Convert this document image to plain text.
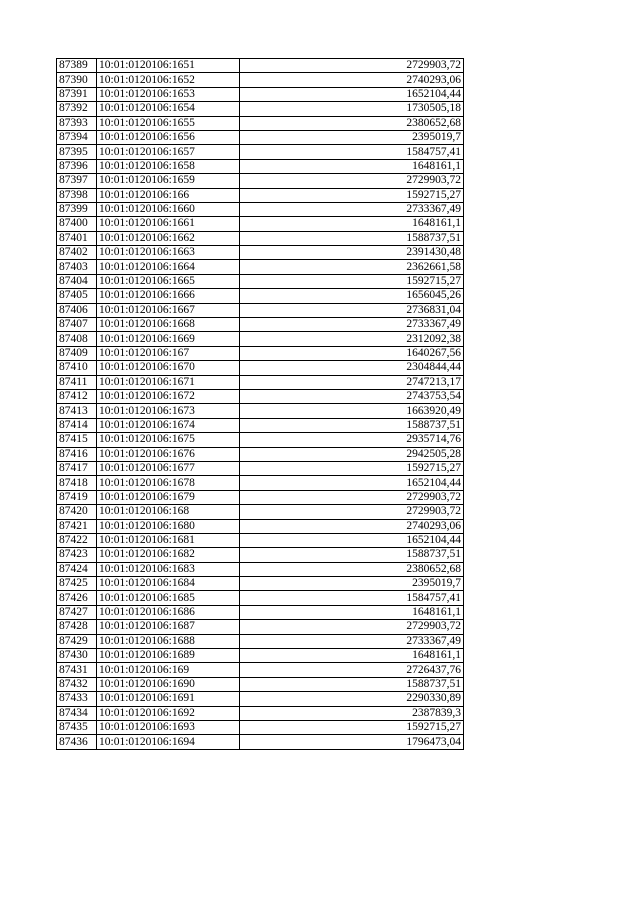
87389	10:01:0120106:1651	2729903,72
87390	10:01:0120106:1652	2740293,06
87391	10:01:0120106:1653	1652104,44
87392	10:01:0120106:1654	1730505,18
87393	10:01:0120106:1655	2380652,68
87394	10:01:0120106:1656	2395019,7
87395	10:01:0120106:1657	1584757,41
87396	10:01:0120106:1658	1648161,1
87397	10:01:0120106:1659	2729903,72
87398	10:01:0120106:166	1592715,27
87399	10:01:0120106:1660	2733367,49
87400	10:01:0120106:1661	1648161,1
87401	10:01:0120106:1662	1588737,51
87402	10:01:0120106:1663	2391430,48
87403	10:01:0120106:1664	2362661,58
87404	10:01:0120106:1665	1592715,27
87405	10:01:0120106:1666	1656045,26
87406	10:01:0120106:1667	2736831,04
87407	10:01:0120106:1668	2733367,49
87408	10:01:0120106:1669	2312092,38
87409	10:01:0120106:167	1640267,56
87410	10:01:0120106:1670	2304844,44
87411	10:01:0120106:1671	2747213,17
87412	10:01:0120106:1672	2743753,54
87413	10:01:0120106:1673	1663920,49
87414	10:01:0120106:1674	1588737,51
87415	10:01:0120106:1675	2935714,76
87416	10:01:0120106:1676	2942505,28
87417	10:01:0120106:1677	1592715,27
87418	10:01:0120106:1678	1652104,44
87419	10:01:0120106:1679	2729903,72
87420	10:01:0120106:168	2729903,72
87421	10:01:0120106:1680	2740293,06
87422	10:01:0120106:1681	1652104,44
87423	10:01:0120106:1682	1588737,51
87424	10:01:0120106:1683	2380652,68
87425	10:01:0120106:1684	2395019,7
87426	10:01:0120106:1685	1584757,41
87427	10:01:0120106:1686	1648161,1
87428	10:01:0120106:1687	2729903,72
87429	10:01:0120106:1688	2733367,49
87430	10:01:0120106:1689	1648161,1
87431	10:01:0120106:169	2726437,76
87432	10:01:0120106:1690	1588737,51
87433	10:01:0120106:1691	2290330,89
87434	10:01:0120106:1692	2387839,3
87435	10:01:0120106:1693	1592715,27
87436	10:01:0120106:1694	1796473,04
